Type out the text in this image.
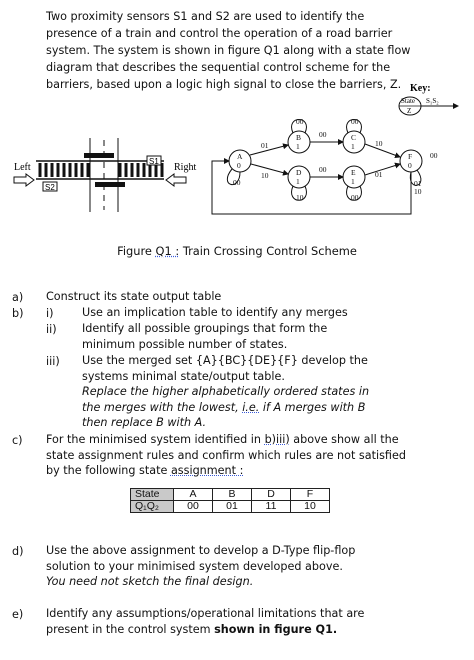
Two proximity sensors S1 and S2 are used to identify the presence of a train and control the operation of a road barrier system. The system is shown in figure Q1 along with a state flow diagram that describes the sequential control scheme for the barriers, based upon a logic high signal to close the barriers, Z.
S1
S2
Left	Right
A
0
B
1
C
1
D
1
E
1
F
0
01
00
00
00
10
10
00
10	00
01
00
00
01
10
Key:
State
Z
S₁S₂
Figure Q1 : Train Crossing Control Scheme
a) Construct its state output table
b) i)	Use an implication table to identify any merges
ii) Identify all possible groupings that form the
minimum possible number of states.
iii) Use the merged set {A}{BC}{DE}{F} develop the
systems minimal state/output table.
Replace the higher alphabetically ordered states in
the merges with the lowest, i.e. if A merges with B
then replace B with A.
c) For the minimised system identified in b)iii) above show all the
state assignment rules and confirm which rules are not satisfied
by the following state assignment :
State	A	B	D	F
Q₁Q₂	00	01	11	10
d) Use the above assignment to develop a D-Type flip-flop
solution to your minimised system developed above.
You need not sketch the final design.
e) Identify any assumptions/operational limitations that are
present in the control system shown in figure Q1.
